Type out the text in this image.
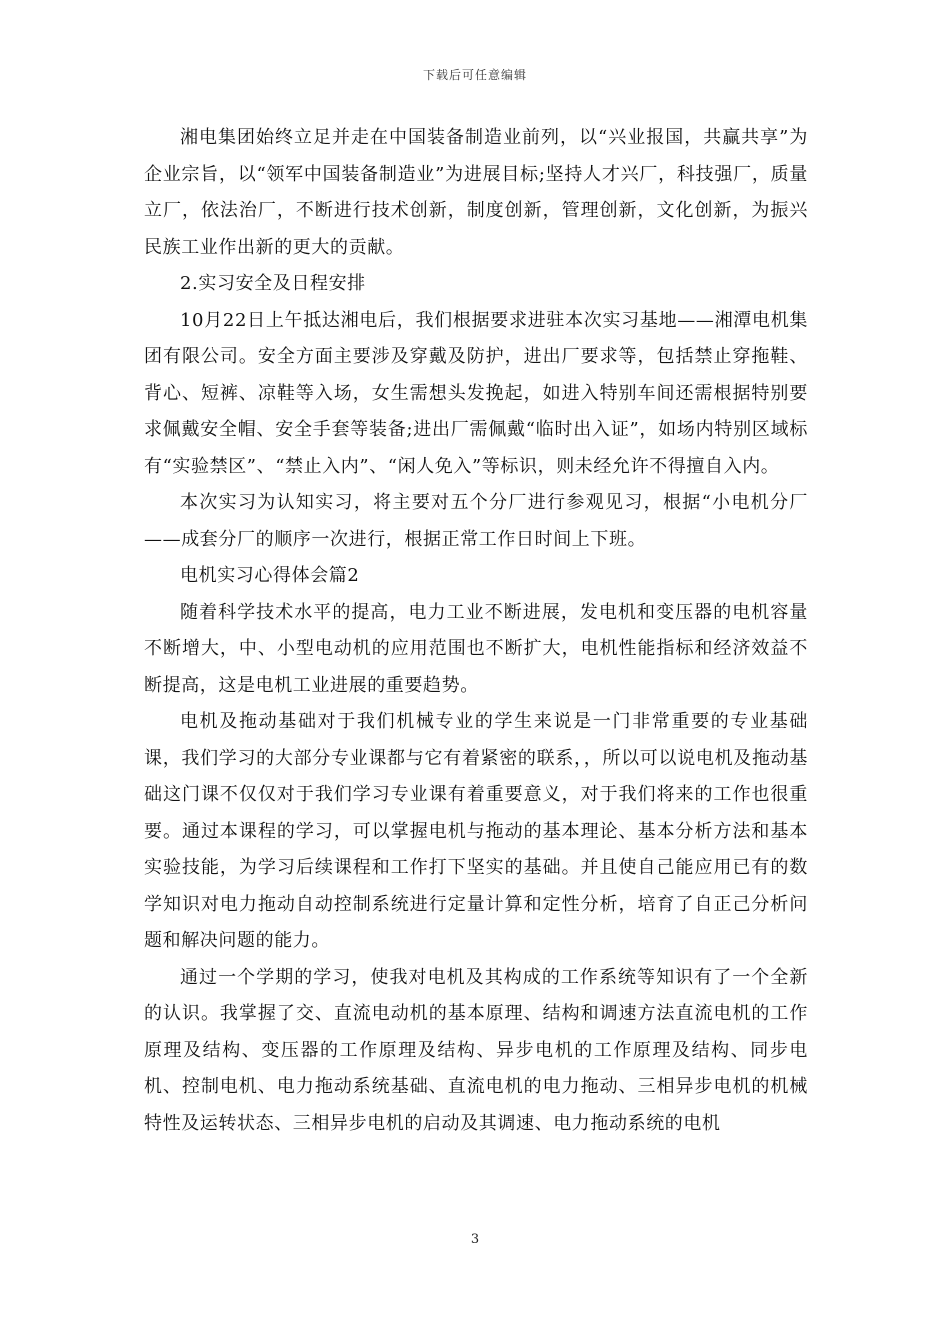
下载后可任意编辑

湘电集团始终立足并走在中国装备制造业前列，以“兴业报国，共赢共享”为企业宗旨，以“领军中国装备制造业”为进展目标;坚持人才兴厂，科技强厂，质量立厂，依法治厂，不断进行技术创新，制度创新，管理创新，文化创新，为振兴民族工业作出新的更大的贡献。

2.实习安全及日程安排

10月22日上午抵达湘电后，我们根据要求进驻本次实习基地——湘潭电机集团有限公司。安全方面主要涉及穿戴及防护，进出厂要求等，包括禁止穿拖鞋、背心、短裤、凉鞋等入场，女生需想头发挽起，如进入特别车间还需根据特别要求佩戴安全帽、安全手套等装备;进出厂需佩戴“临时出入证”，如场内特别区域标有“实验禁区”、“禁止入内”、“闲人免入”等标识，则未经允许不得擅自入内。

本次实习为认知实习，将主要对五个分厂进行参观见习，根据“小电机分厂——成套分厂的顺序一次进行，根据正常工作日时间上下班。

电机实习心得体会篇2

随着科学技术水平的提高，电力工业不断进展，发电机和变压器的电机容量不断增大，中、小型电动机的应用范围也不断扩大，电机性能指标和经济效益不断提高，这是电机工业进展的重要趋势。

电机及拖动基础对于我们机械专业的学生来说是一门非常重要的专业基础课，我们学习的大部分专业课都与它有着紧密的联系，，所以可以说电机及拖动基础这门课不仅仅对于我们学习专业课有着重要意义，对于我们将来的工作也很重要。通过本课程的学习，可以掌握电机与拖动的基本理论、基本分析方法和基本实验技能，为学习后续课程和工作打下坚实的基础。并且使自己能应用已有的数学知识对电力拖动自动控制系统进行定量计算和定性分析，培育了自正己分析问题和解决问题的能力。

通过一个学期的学习，使我对电机及其构成的工作系统等知识有了一个全新的认识。我掌握了交、直流电动机的基本原理、结构和调速方法直流电机的工作原理及结构、变压器的工作原理及结构、异步电机的工作原理及结构、同步电机、控制电机、电力拖动系统基础、直流电机的电力拖动、三相异步电机的机械特性及运转状态、三相异步电机的启动及其调速、电力拖动系统的电机

3
